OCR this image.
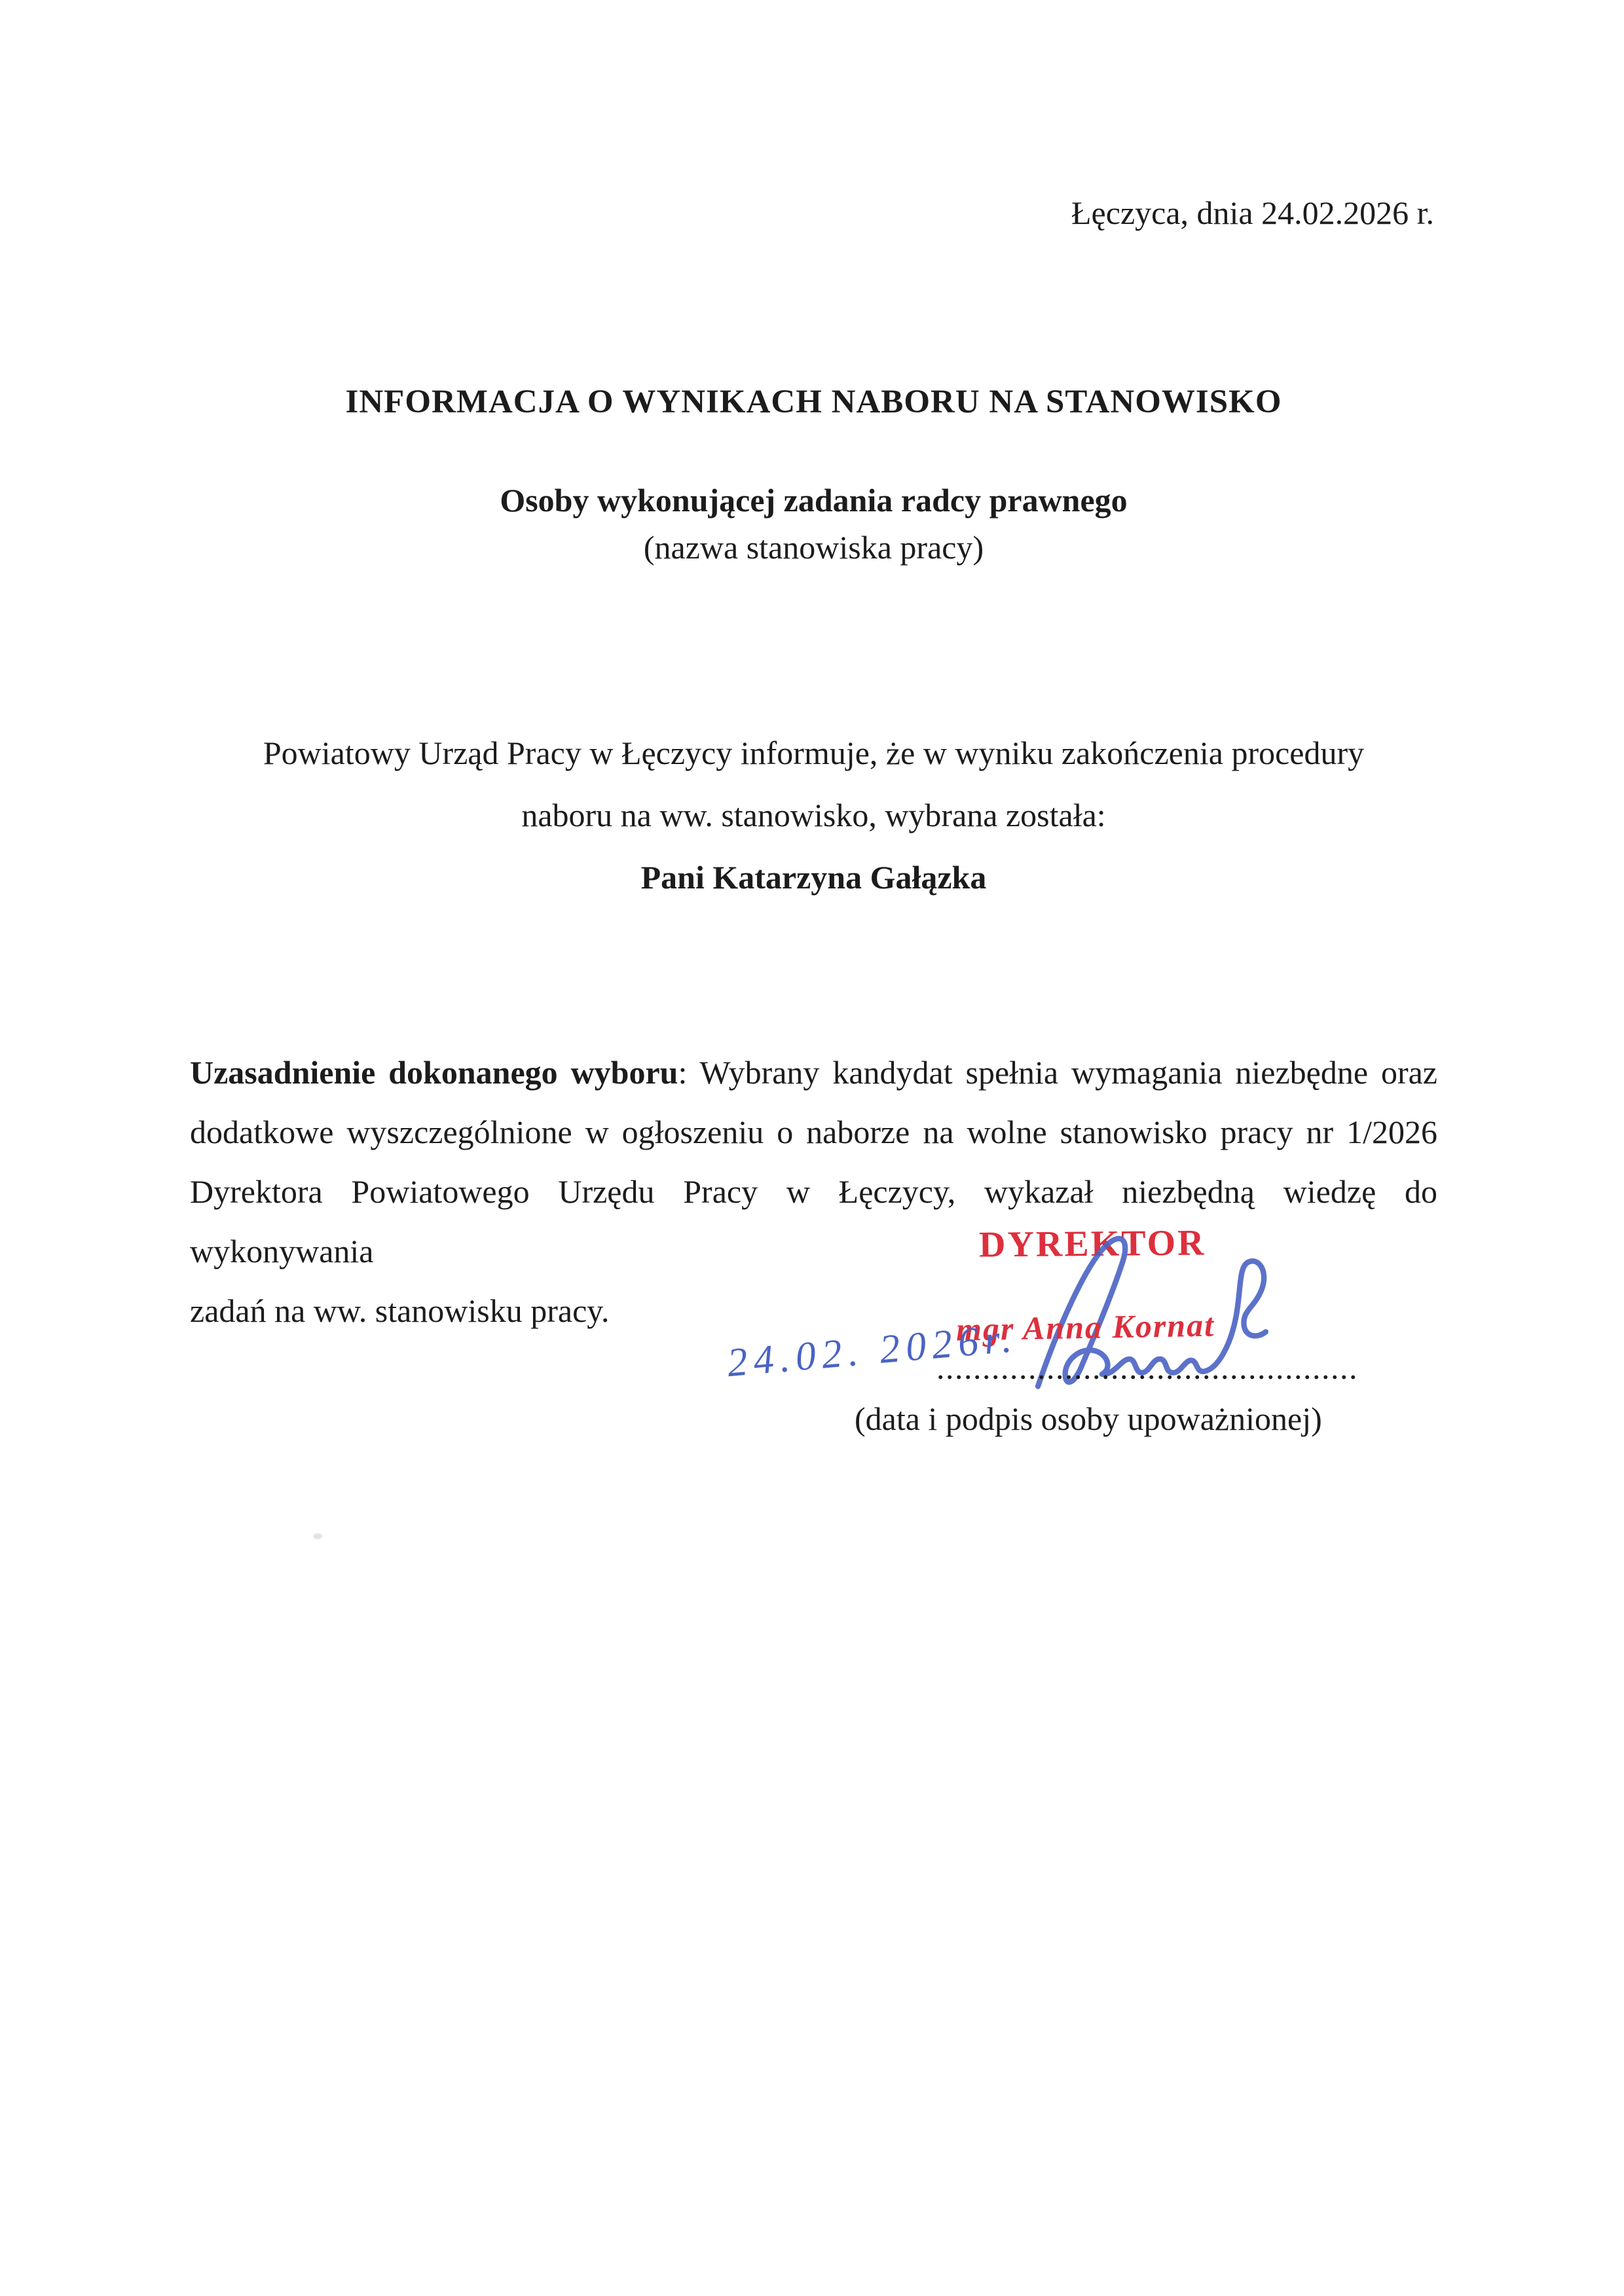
Łęczyca, dnia 24.02.2026 r.
INFORMACJA O WYNIKACH NABORU NA STANOWISKO
Osoby wykonującej zadania radcy prawnego
(nazwa stanowiska pracy)
Powiatowy Urząd Pracy w Łęczycy informuje, że w wyniku zakończenia procedury
naboru na ww. stanowisko, wybrana została:
Pani Katarzyna Gałązka
Uzasadnienie dokonanego wyboru: Wybrany kandydat spełnia wymagania niezbędne oraz
dodatkowe wyszczególnione w ogłoszeniu o naborze na wolne stanowisko pracy nr 1/2026
Dyrektora Powiatowego Urzędu Pracy w Łęczycy, wykazał niezbędną wiedzę do wykonywania
zadań na ww. stanowisku pracy.
DYREKTOR
mgr Anna Kornat
24.02. 2026r.
..............................................
(data i podpis osoby upoważnionej)
